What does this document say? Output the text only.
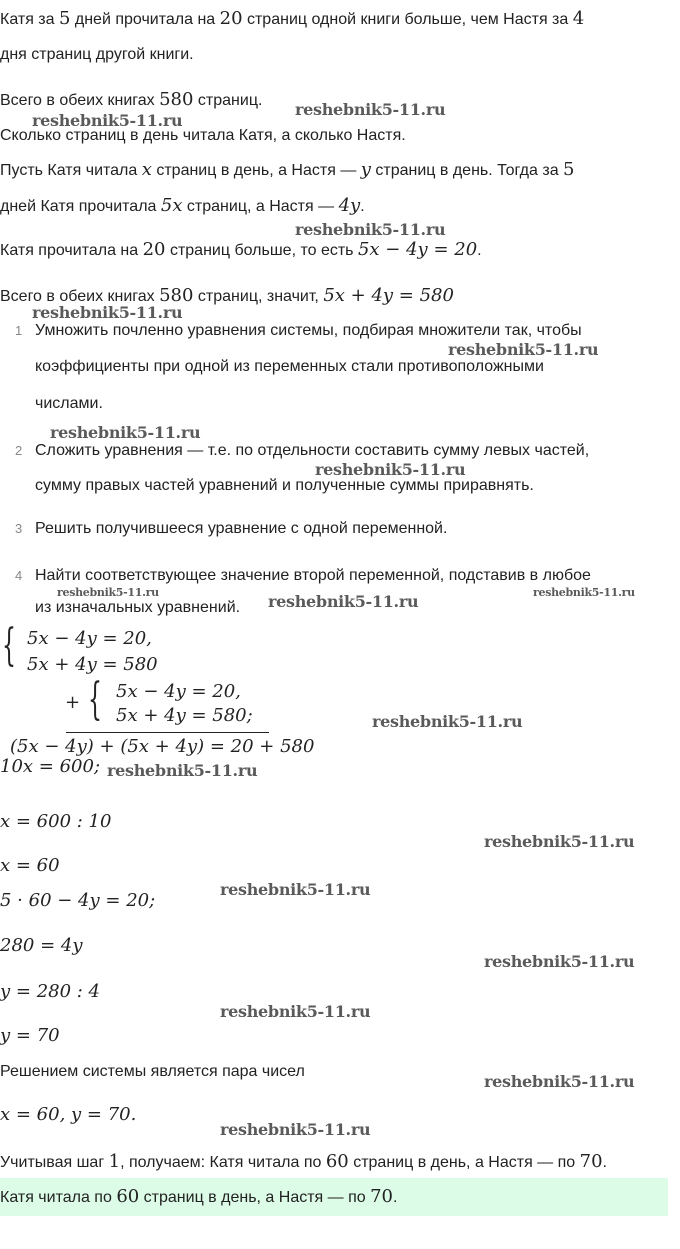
Катя за 5 дней прочитала на 20 страниц одной книги больше, чем Настя за 4
дня страниц другой книги.
Всего в обеих книгах 580 страниц.
Сколько страниц в день читала Катя, а сколько Настя.
Пусть Катя читала x страниц в день, а Настя — y страниц в день. Тогда за 5
дней Катя прочитала 5x страниц, а Настя — 4y.
Катя прочитала на 20 страниц больше, то есть 5x − 4y = 20.
Всего в обеих книгах 580 страниц, значит, 5x + 4y = 580
10x = 600;
x = 600 : 10
x = 60
5 · 60 − 4y = 20;
280 = 4y
y = 280 : 4
y = 70
Решением системы является пара чисел
x = 60, y = 70.
Учитывая шаг 1, получаем: Катя читала по 60 страниц в день, а Настя — по 70.
Катя читала по 60 страниц в день, а Настя — по 70.
1 Умножить почленно уравнения системы, подбирая множители так, чтобы
коэффициенты при одной из переменных стали противоположными
числами.
2 Сложить уравнения — т.е. по отдельности составить сумму левых частей,
сумму правых частей уравнений и полученные суммы приравнять.
3 Решить получившееся уравнение с одной переменной.
4 Найти соответствующее значение второй переменной, подставив в любое
из изначальных уравнений.
{ 5x − 4y = 20,
5x + 4y = 580
+ { 5x − 4y = 20,
5x + 4y = 580;
(5x − 4y) + (5x + 4y) = 20 + 580
reshebnik5-11.ru
reshebnik5-11.ru
reshebnik5-11.ru
reshebnik5-11.ru
reshebnik5-11.ru
reshebnik5-11.ru
reshebnik5-11.ru
reshebnik5-11.ru	reshebnik5-11.ru
reshebnik5-11.ru
reshebnik5-11.ru
reshebnik5-11.ru
reshebnik5-11.ru
reshebnik5-11.ru
reshebnik5-11.ru
reshebnik5-11.ru
reshebnik5-11.ru
reshebnik5-11.ru
